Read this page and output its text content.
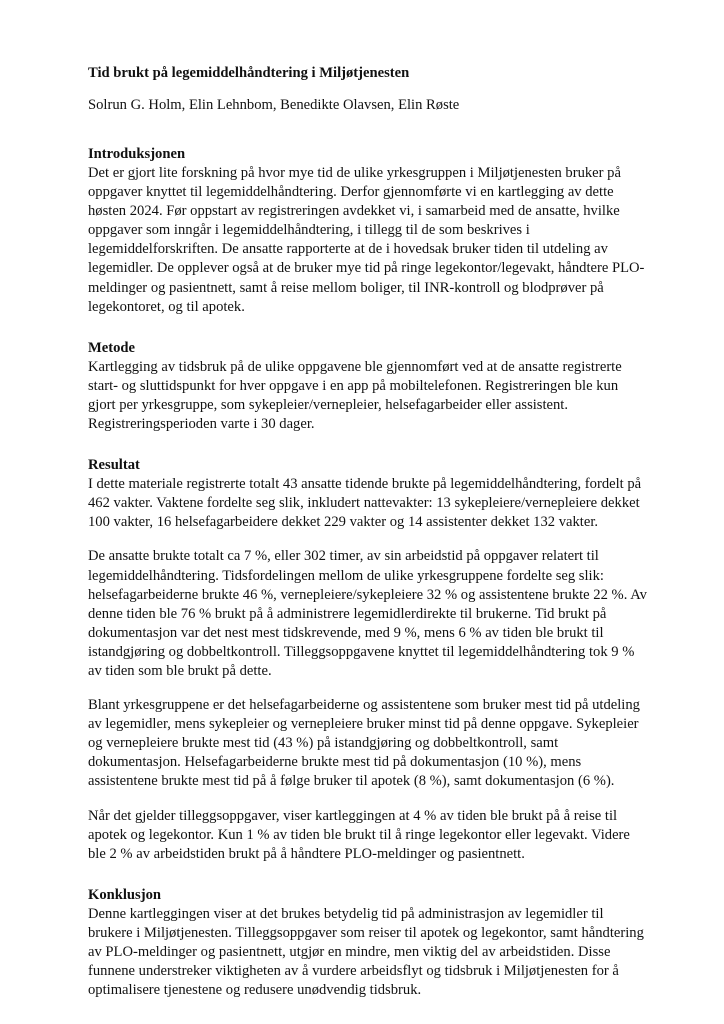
Tid brukt på legemiddelhåndtering i Miljøtjenesten

Solrun G. Holm, Elin Lehnbom, Benedikte Olavsen, Elin Røste

Introduksjonen

Det er gjort lite forskning på hvor mye tid de ulike yrkesgruppen i Miljøtjenesten bruker på oppgaver knyttet til legemiddelhåndtering. Derfor gjennomførte vi en kartlegging av dette høsten 2024. Før oppstart av registreringen avdekket vi, i samarbeid med de ansatte, hvilke oppgaver som inngår i legemiddelhåndtering, i tillegg til de som beskrives i legemiddelforskriften. De ansatte rapporterte at de i hovedsak bruker tiden til utdeling av legemidler. De opplever også at de bruker mye tid på ringe legekontor/legevakt, håndtere PLO-meldinger og pasientnett, samt å reise mellom boliger, til INR-kontroll og blodprøver på legekontoret, og til apotek.

Metode

Kartlegging av tidsbruk på de ulike oppgavene ble gjennomført ved at de ansatte registrerte start- og sluttidspunkt for hver oppgave i en app på mobiltelefonen. Registreringen ble kun gjort per yrkesgruppe, som sykepleier/vernepleier, helsefagarbeider eller assistent. Registreringsperioden varte i 30 dager.

Resultat

I dette materiale registrerte totalt 43 ansatte tidende brukte på legemiddelhåndtering, fordelt på 462 vakter. Vaktene fordelte seg slik, inkludert nattevakter: 13 sykepleiere/vernepleiere dekket 100 vakter, 16 helsefagarbeidere dekket 229 vakter og 14 assistenter dekket 132 vakter.

De ansatte brukte totalt ca 7 %, eller 302 timer, av sin arbeidstid på oppgaver relatert til legemiddelhåndtering. Tidsfordelingen mellom de ulike yrkesgruppene fordelte seg slik: helsefagarbeiderne brukte 46 %, vernepleiere/sykepleiere 32 % og assistentene brukte 22 %. Av denne tiden ble 76 % brukt på å administrere legemidlerdirekte til brukerne. Tid brukt på dokumentasjon var det nest mest tidskrevende, med 9 %, mens 6 % av tiden ble brukt til istandgjøring og dobbeltkontroll. Tilleggsoppgavene knyttet til legemiddelhåndtering tok 9 % av tiden som ble brukt på dette.

Blant yrkesgruppene er det helsefagarbeiderne og assistentene som bruker mest tid på utdeling av legemidler, mens sykepleier og vernepleiere bruker minst tid på denne oppgave. Sykepleier og vernepleiere brukte mest tid (43 %) på istandgjøring og dobbeltkontroll, samt dokumentasjon. Helsefagarbeiderne brukte mest tid på dokumentasjon (10 %), mens assistentene brukte mest tid på å følge bruker til apotek (8 %), samt dokumentasjon (6 %).

Når det gjelder tilleggsoppgaver, viser kartleggingen at 4 % av tiden ble brukt på å reise til apotek og legekontor. Kun 1 % av tiden ble brukt til å ringe legekontor eller legevakt. Videre ble 2 % av arbeidstiden brukt på å håndtere PLO-meldinger og pasientnett.

Konklusjon

Denne kartleggingen viser at det brukes betydelig tid på administrasjon av legemidler til brukere i Miljøtjenesten. Tilleggsoppgaver som reiser til apotek og legekontor, samt håndtering av PLO-meldinger og pasientnett, utgjør en mindre, men viktig del av arbeidstiden. Disse funnene understreker viktigheten av å vurdere arbeidsflyt og tidsbruk i Miljøtjenesten for å optimalisere tjenestene og redusere unødvendig tidsbruk.
